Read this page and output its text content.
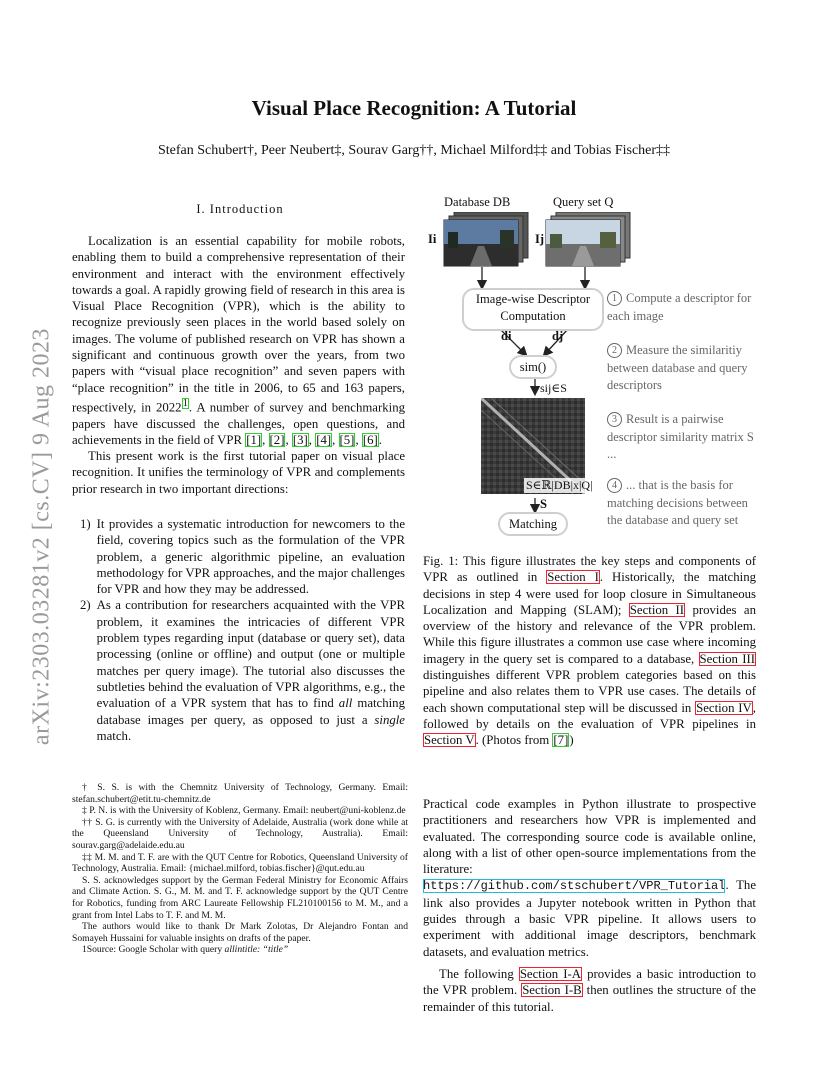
Visual Place Recognition: A Tutorial
Stefan Schubert†, Peer Neubert‡, Sourav Garg††, Michael Milford‡‡ and Tobias Fischer‡‡
arXiv:2303.03281v2 [cs.CV] 9 Aug 2023
I. Introduction

Localization is an essential capability for mobile robots, enabling them to build a comprehensive representation of their environment and interact with the environment effectively towards a goal. A rapidly growing field of research in this area is Visual Place Recognition (VPR), which is the ability to recognize previously seen places in the world based solely on images. The volume of published research on VPR has shown a significant and continuous growth over the years, from two papers with “visual place recognition” and seven papers with “place recognition” in the title in 2006, to 65 and 163 papers, respectively, in 2022$^1$. A number of survey and benchmarking papers have discussed the challenges, open questions, and achievements in the field of VPR [1], [2], [3], [4], [5], [6].

This present work is the first tutorial paper on visual place recognition. It unifies the terminology of VPR and complements prior research in two important directions:

1) It provides a systematic introduction for newcomers to the field, covering topics such as the formulation of the VPR problem, a generic algorithmic pipeline, an evaluation methodology for VPR approaches, and the major challenges for VPR and how they may be addressed.
2) As a contribution for researchers acquainted with the VPR problem, it examines the intricacies of different VPR problem types regarding input (database or query set), data processing (online or offline) and output (one or multiple matches per query image). The tutorial also discusses the subtleties behind the evaluation of VPR algorithms, e.g., the evaluation of a VPR system that has to find all matching database images per query, as opposed to just a single match.

† S. S. is with the Chemnitz University of Technology, Germany. Email: stefan.schubert@etit.tu-chemnitz.de

‡ P. N. is with the University of Koblenz, Germany. Email: neubert@uni-koblenz.de

†† S. G. is currently with the University of Adelaide, Australia (work done while at the Queensland University of Technology, Australia). Email: sourav.garg@adelaide.edu.au

‡‡ M. M. and T. F. are with the QUT Centre for Robotics, Queensland University of Technology, Australia. Email: {michael.milford, tobias.fischer}@qut.edu.au

S. S. acknowledges support by the German Federal Ministry for Economic Affairs and Climate Action. S. G., M. M. and T. F. acknowledge support by the QUT Centre for Robotics, funding from ARC Laureate Fellowship FL210100156 to M. M., and a grant from Intel Labs to T. F. and M. M.

The authors would like to thank Dr Mark Zolotas, Dr Alejandro Fontan and Somayeh Hussaini for valuable insights on drafts of the paper.

1Source: Google Scholar with query allintitle: “title”

Database DB	Query set Q
Ii	Ij
Image-wise Descriptor Computation
di	dj
sim()
sij∈S
S∈ℝ|DB|x|Q|
S
Matching
1 Compute a descriptor for each image
2 Measure the similaritiy between database and query descriptors
3 Result is a pairwise descriptor similarity matrix S ...
4 ... that is the basis for matching decisions between the database and query set

Fig. 1: This figure illustrates the key steps and components of VPR as outlined in Section I. Historically, the matching decisions in step 4 were used for loop closure in Simultaneous Localization and Mapping (SLAM); Section II provides an overview of the history and relevance of the VPR problem. While this figure illustrates a common use case where incoming imagery in the query set is compared to a database, Section III distinguishes different VPR problem categories based on this pipeline and also relates them to VPR use cases. The details of each shown computational step will be discussed in Section IV, followed by details on the evaluation of VPR pipelines in Section V. (Photos from [7])

Practical code examples in Python illustrate to prospective practitioners and researchers how VPR is implemented and evaluated. The corresponding source code is available online, along with a list of other open-source implementations from the literature: https://github.com/stschubert/VPR_Tutorial. The link also provides a Jupyter notebook written in Python that guides through a basic VPR pipeline. It allows users to experiment with additional image descriptors, benchmark datasets, and evaluation metrics.

The following Section I-A provides a basic introduction to the VPR problem. Section I-B then outlines the structure of the remainder of this tutorial.
